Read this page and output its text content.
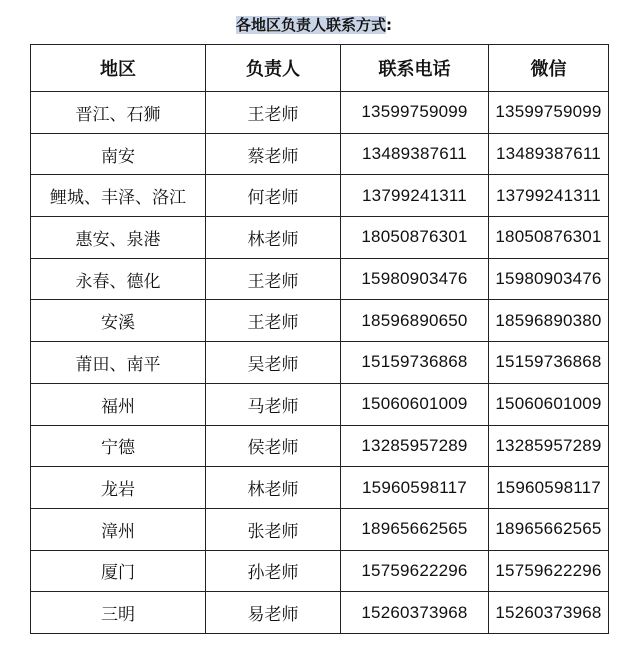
各地区负责人联系方式:
地区	负责人	联系电话	微信
晋江、石狮	王老师	13599759099	13599759099
南安	蔡老师	13489387611	13489387611
鲤城、丰泽、洛江	何老师	13799241311	13799241311
惠安、泉港	林老师	18050876301	18050876301
永春、德化	王老师	15980903476	15980903476
安溪	王老师	18596890650	18596890380
莆田、南平	吴老师	15159736868	15159736868
福州	马老师	15060601009	15060601009
宁德	侯老师	13285957289	13285957289
龙岩	林老师	15960598117	15960598117
漳州	张老师	18965662565	18965662565
厦门	孙老师	15759622296	15759622296
三明	易老师	15260373968	15260373968
